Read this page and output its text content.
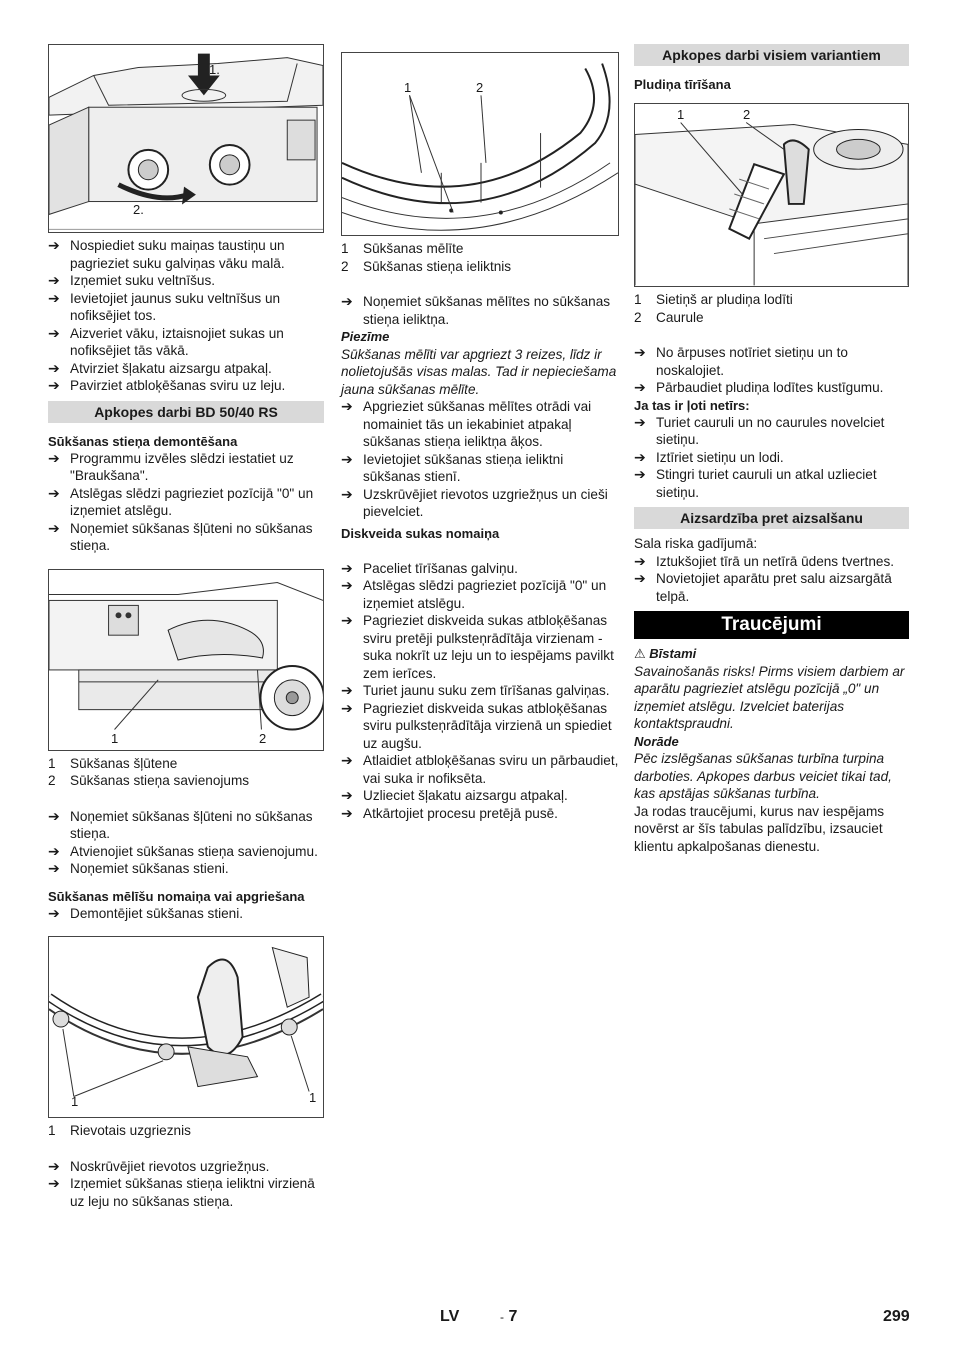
1.
2.
➔ Nospiediet suku maiņas taustiņu un pagrieziet suku galviņas vāku malā.
➔ Izņemiet suku veltnīšus.
➔ Ievietojiet jaunus suku veltnīšus un nofiksējiet tos.
➔ Aizveriet vāku, iztaisnojiet sukas un nofiksējiet tās vākā.
➔ Atvirziet šļakatu aizsargu atpakaļ.
➔ Pavirziet atbloķēšanas sviru uz leju.
Apkopes darbi BD 50/40 RS
Sūkšanas stieņa demontēšana
➔ Programmu izvēles slēdzi iestatiet uz "Braukšana".
➔ Atslēgas slēdzi pagrieziet pozīcijā "0" un izņemiet atslēgu.
➔ Noņemiet sūkšanas šļūteni no sūkšanas stieņa.
1	2
1	Sūkšanas šļūtene
2	Sūkšanas stieņa savienojums
➔ Noņemiet sūkšanas šļūteni no sūkšanas stieņa.
➔ Atvienojiet sūkšanas stieņa savienojumu.
➔ Noņemiet sūkšanas stieni.
Sūkšanas mēlīšu nomaiņa vai apgriešana
➔ Demontējiet sūkšanas stieni.
1	1
1	Rievotais uzgrieznis
➔ Noskrūvējiet rievotos uzgriežņus.
➔ Izņemiet sūkšanas stieņa ieliktni virzienā uz leju no sūkšanas stieņa.
1	2
1	Sūkšanas mēlīte
2	Sūkšanas stieņa ieliktnis
➔ Noņemiet sūkšanas mēlītes no sūkšanas stieņa ieliktņa.
Piezīme
Sūkšanas mēlīti var apgriezt 3 reizes, līdz ir nolietojušās visas malas. Tad ir nepieciešama jauna sūkšanas mēlīte.
➔ Apgrieziet sūkšanas mēlītes otrādi vai nomainiet tās un iekabiniet atpakaļ sūkšanas stieņa ieliktņa āķos.
➔ Ievietojiet sūkšanas stieņa ieliktni sūkšanas stienī.
➔ Uzskrūvējiet rievotos uzgriežņus un cieši pievelciet.
Diskveida sukas nomaiņa
➔ Paceliet tīrīšanas galviņu.
➔ Atslēgas slēdzi pagrieziet pozīcijā "0" un izņemiet atslēgu.
➔ Pagrieziet diskveida sukas atbloķēšanas sviru pretēji pulksteņrādītāja virzienam - suka nokrīt uz leju un to iespējams pavilkt zem ierīces.
➔ Turiet jaunu suku zem tīrīšanas galviņas.
➔ Pagrieziet diskveida sukas atbloķēšanas sviru pulksteņrādītāja virzienā un spiediet uz augšu.
➔ Atlaidiet atbloķēšanas sviru un pārbaudiet, vai suka ir nofiksēta.
➔ Uzlieciet šļakatu aizsargu atpakaļ.
➔ Atkārtojiet procesu pretējā pusē.
Apkopes darbi visiem variantiem
Pludiņa tīrīšana
1	2
1	Sietiņš ar pludiņa lodīti
2	Caurule
➔ No ārpuses notīriet sietiņu un to noskalojiet.
➔ Pārbaudiet pludiņa lodītes kustīgumu.
Ja tas ir ļoti netīrs:
➔ Turiet cauruli un no caurules novelciet sietiņu.
➔ Iztīriet sietiņu un lodi.
➔ Stingri turiet cauruli un atkal uzlieciet sietiņu.
Aizsardzība pret aizsalšanu
Sala riska gadījumā:
➔ Iztukšojiet tīrā un netīrā ūdens tvertnes.
➔ Novietojiet aparātu pret salu aizsargātā telpā.
Traucējumi
⚠ Bīstami
Savainošanās risks! Pirms visiem darbiem ar aparātu pagrieziet atslēgu pozīcijā „0" un izņemiet atslēgu. Izvelciet baterijas kontaktspraudni.
Norāde
Pēc izslēgšanas sūkšanas turbīna turpina darboties. Apkopes darbus veiciet tikai tad, kas apstājas sūkšanas turbīna.
Ja rodas traucējumi, kurus nav iespējams novērst ar šīs tabulas palīdzību, izsauciet klientu apkalpošanas dienestu.
LV	- 7	299
